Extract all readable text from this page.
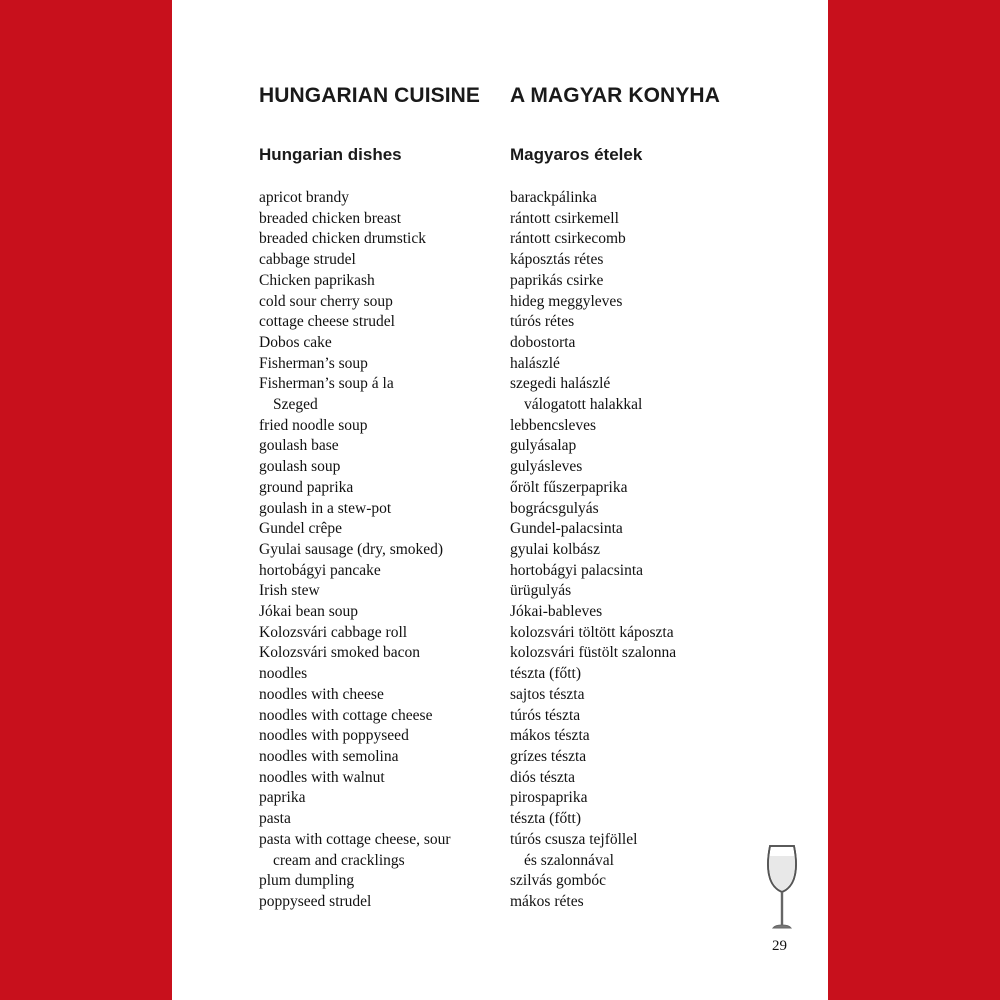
HUNGARIAN CUISINE A MAGYAR KONYHA
Hungarian dishes	Magyaros ételek
apricot brandy
breaded chicken breast
breaded chicken drumstick
cabbage strudel
Chicken paprikash
cold sour cherry soup
cottage cheese strudel
Dobos cake
Fisherman’s soup
Fisherman’s soup á la
Szeged
fried noodle soup
goulash base
goulash soup
ground paprika
goulash in a stew-pot
Gundel crêpe
Gyulai sausage (dry, smoked)
hortobágyi pancake
Irish stew
Jókai bean soup
Kolozsvári cabbage roll
Kolozsvári smoked bacon
noodles
noodles with cheese
noodles with cottage cheese
noodles with poppyseed
noodles with semolina
noodles with walnut
paprika
pasta
pasta with cottage cheese, sour
cream and cracklings
plum dumpling
poppyseed strudel
barackpálinka
rántott csirkemell
rántott csirkecomb
káposztás rétes
paprikás csirke
hideg meggyleves
túrós rétes
dobostorta
halászlé
szegedi halászlé
válogatott halakkal
lebbencsleves
gulyásalap
gulyásleves
őrölt fűszerpaprika
bográcsgulyás
Gundel-palacsinta
gyulai kolbász
hortobágyi palacsinta
ürügulyás
Jókai-bableves
kolozsvári töltött káposzta
kolozsvári füstölt szalonna
tészta (főtt)
sajtos tészta
túrós tészta
mákos tészta
grízes tészta
diós tészta
pirospaprika
tészta (főtt)
túrós csusza tejföllel
és szalonnával
szilvás gombóc
mákos rétes
29
